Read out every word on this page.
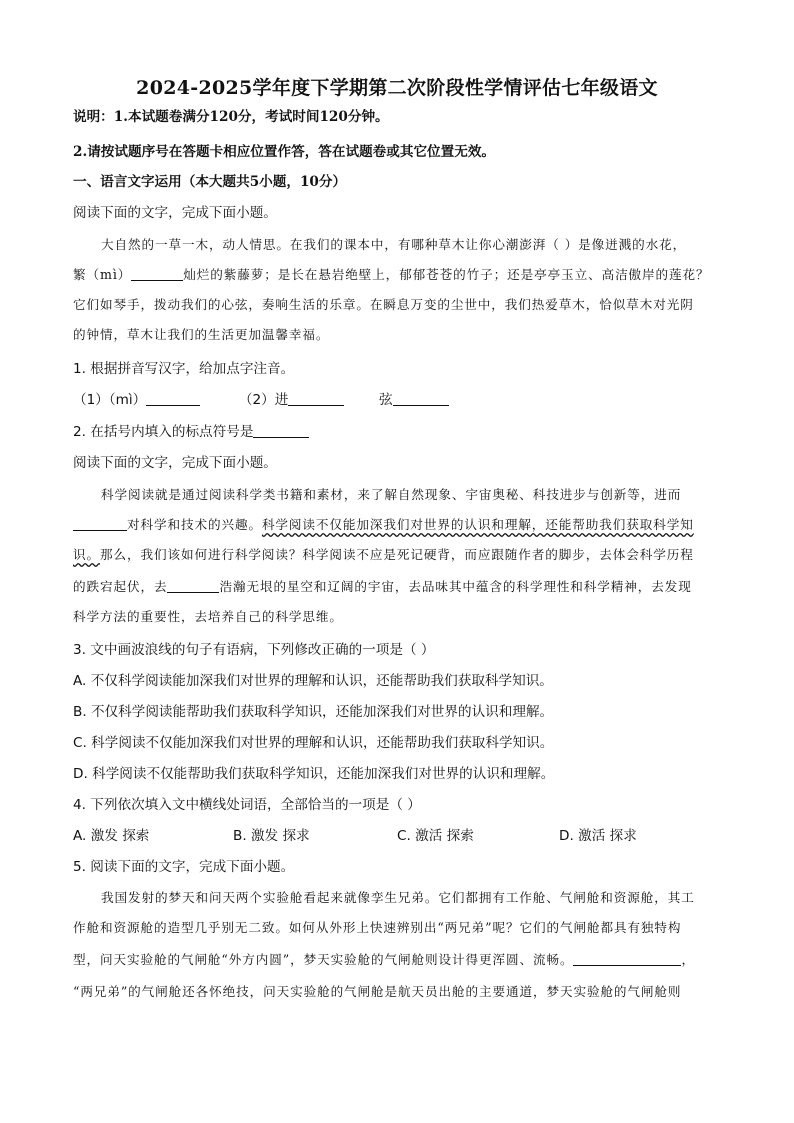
2024-2025学年度下学期第二次阶段性学情评估七年级语文
说明：1.本试题卷满分120分，考试时间120分钟。
2.请按试题序号在答题卡相应位置作答，答在试题卷或其它位置无效。
一、语言文字运用（本大题共5小题，10分）
阅读下面的文字，完成下面小题。
大自然的一草一木，动人情思。在我们的课本中，有哪种草木让你心潮澎湃（ ）是像迸溅的水花，
繁（mì）	灿烂的紫藤萝；是长在悬岩绝壁上，郁郁苍苍的竹子；还是亭亭玉立、高洁傲岸的莲花？
它们如琴手，拨动我们的心弦，奏响生活的乐章。在瞬息万变的尘世中，我们热爱草木，恰似草木对光阴
的钟情，草木让我们的生活更加温馨幸福。
1. 根据拼音写汉字，给加点字注音。
（1）（mì）	（2）进	弦
2. 在括号内填入的标点符号是
阅读下面的文字，完成下面小题。
科学阅读就是通过阅读科学类书籍和素材，来了解自然现象、宇宙奥秘、科技进步与创新等，进而
对科学和技术的兴趣。科学阅读不仅能加深我们对世界的认识和理解，还能帮助我们获取科学知
识。那么，我们该如何进行科学阅读？科学阅读不应是死记硬背，而应跟随作者的脚步，去体会科学历程
的跌宕起伏，去	浩瀚无垠的星空和辽阔的宇宙，去品味其中蕴含的科学理性和科学精神，去发现
科学方法的重要性，去培养自己的科学思维。
3. 文中画波浪线的句子有语病，下列修改正确的一项是（ ）
A. 不仅科学阅读能加深我们对世界的理解和认识，还能帮助我们获取科学知识。
B. 不仅科学阅读能帮助我们获取科学知识，还能加深我们对世界的认识和理解。
C. 科学阅读不仅能加深我们对世界的理解和认识，还能帮助我们获取科学知识。
D. 科学阅读不仅能帮助我们获取科学知识，还能加深我们对世界的认识和理解。
4. 下列依次填入文中横线处词语，全部恰当的一项是（ ）
A. 激发 探索	B. 激发 探求	C. 激活 探索	D. 激活 探求
5. 阅读下面的文字，完成下面小题。
我国发射的梦天和问天两个实验舱看起来就像孪生兄弟。它们都拥有工作舱、气闸舱和资源舱，其工
作舱和资源舱的造型几乎别无二致。如何从外形上快速辨别出“两兄弟”呢？它们的气闸舱都具有独特构
型，问天实验舱的气闸舱“外方内圆”，梦天实验舱的气闸舱则设计得更浑圆、流畅。	，
“两兄弟”的气闸舱还各怀绝技，问天实验舱的气闸舱是航天员出舱的主要通道，梦天实验舱的气闸舱则
